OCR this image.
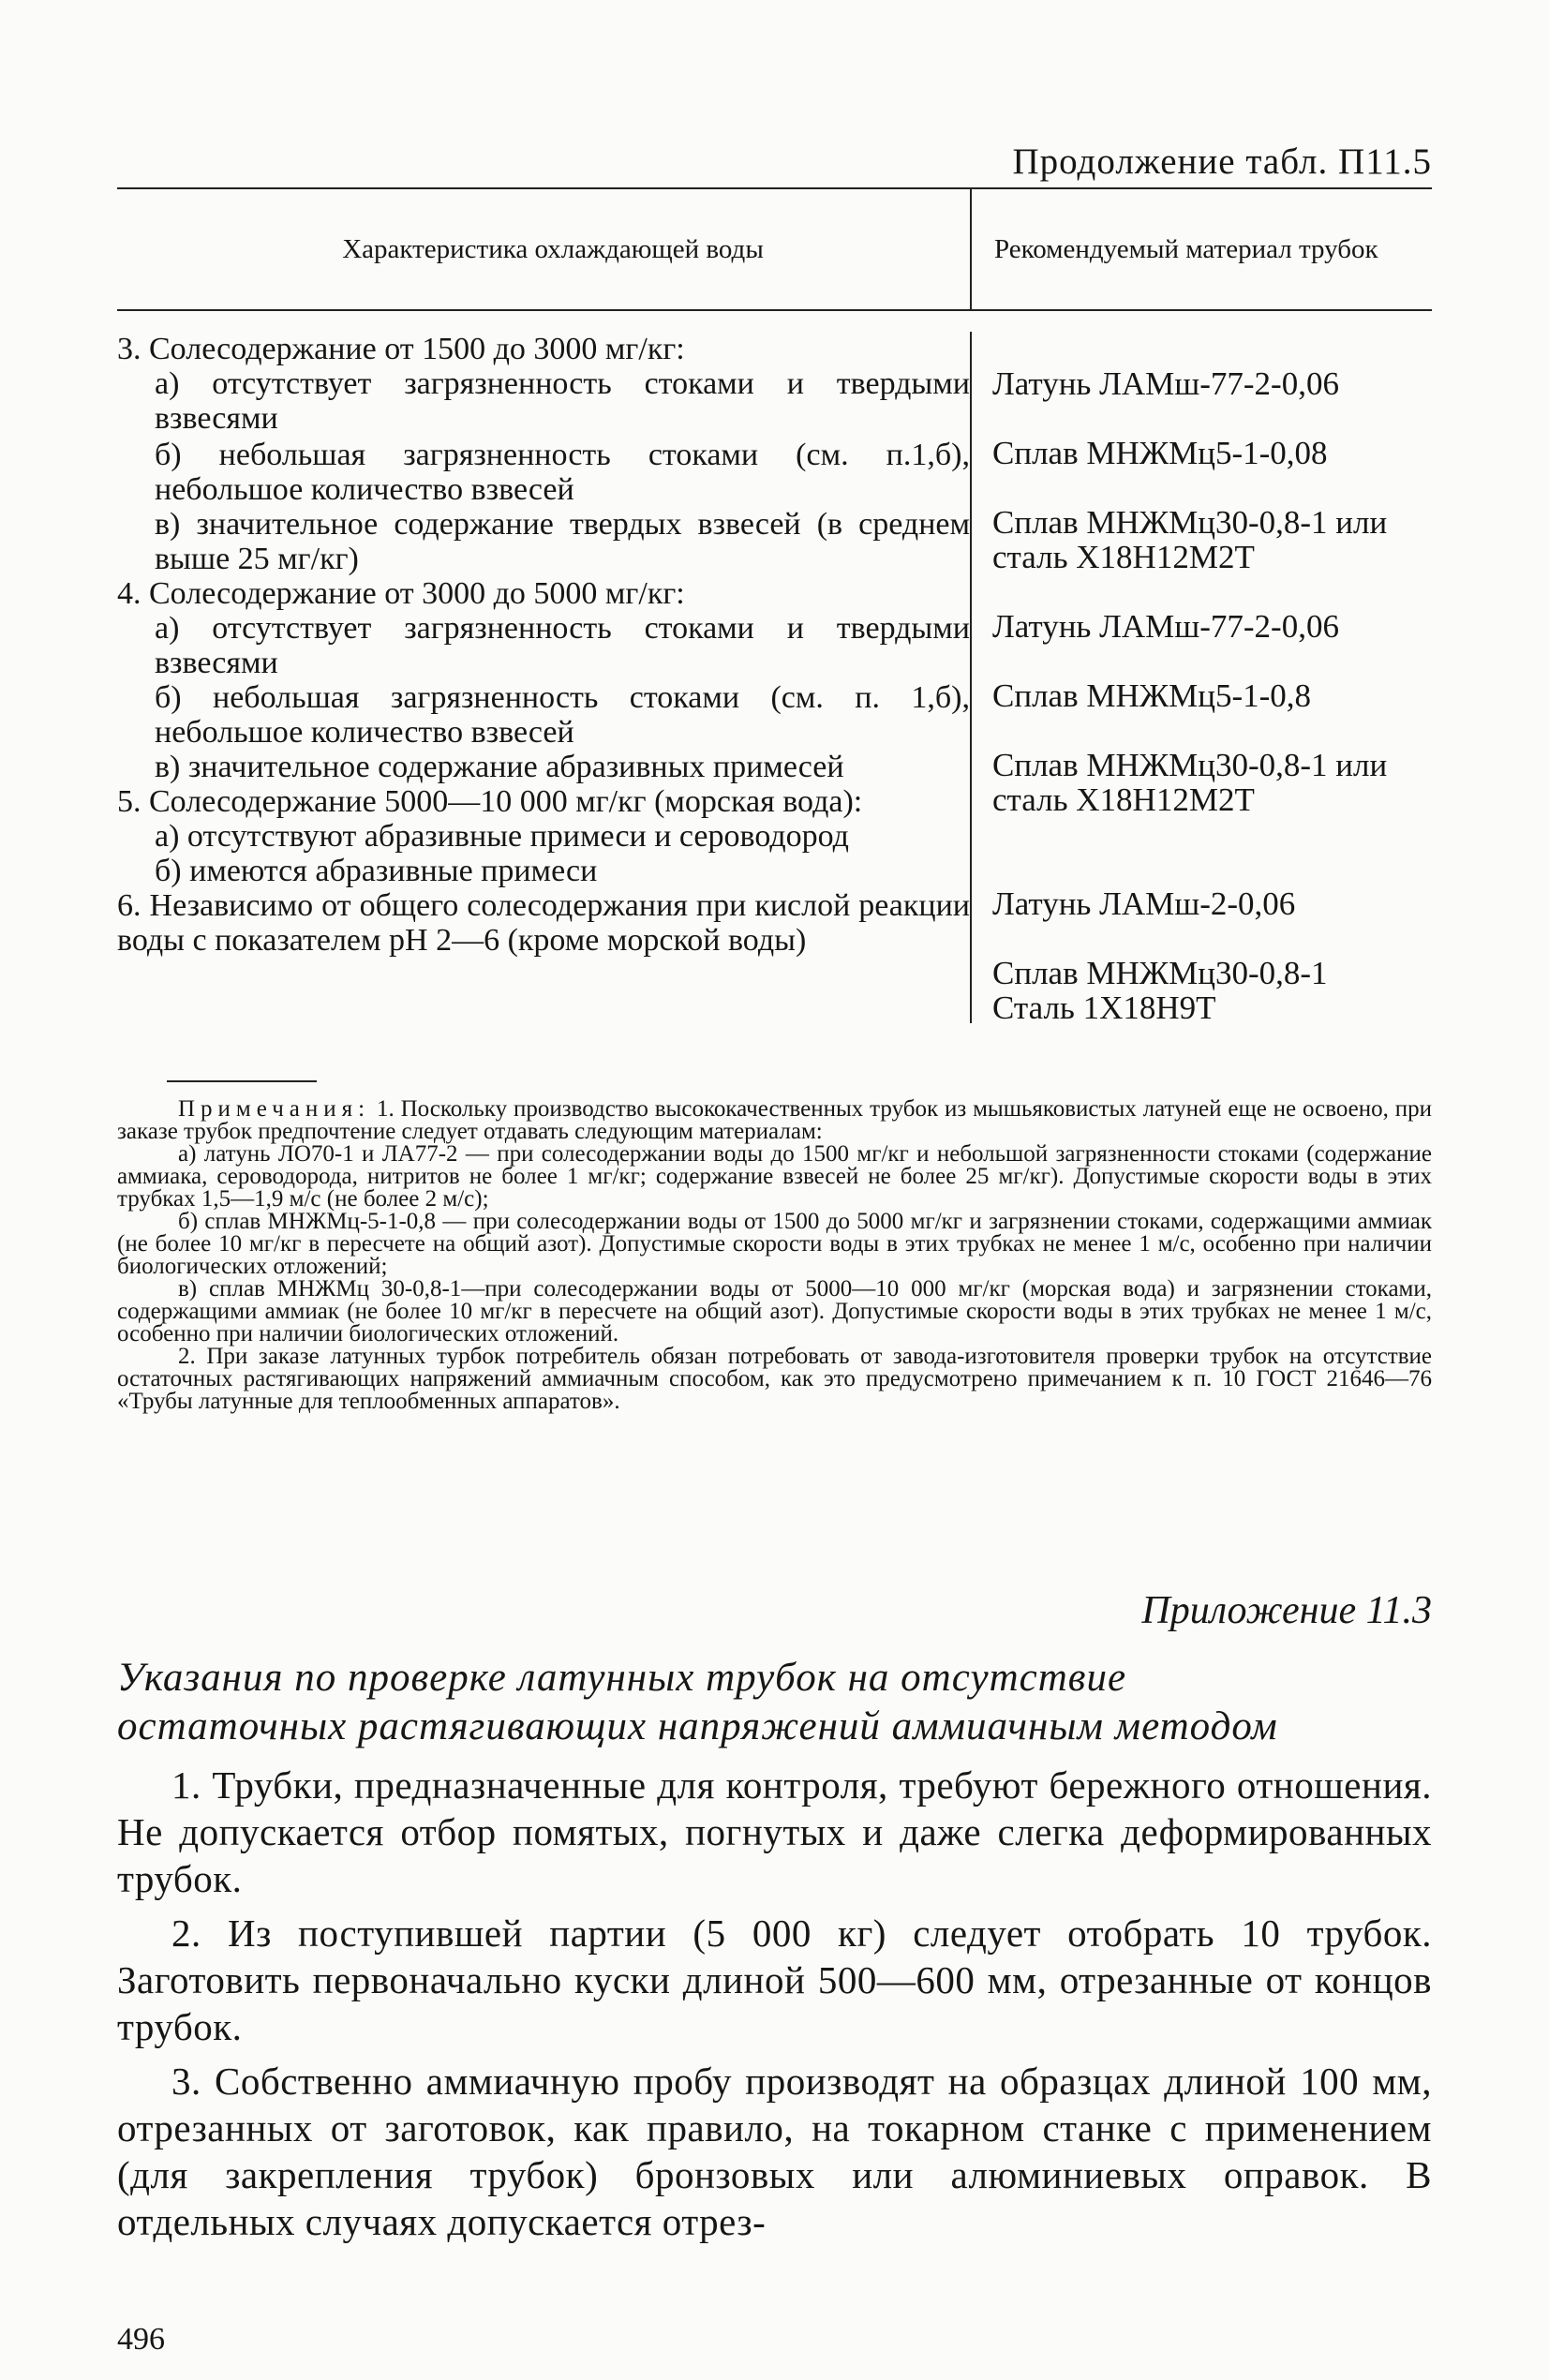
Продолжение табл. П11.5
Характеристика охлаждающей воды	Рекомендуемый материал трубок
3. Солесодержание от 1500 до 3000 мг/кг:
а) отсутствует загрязненность стоками и твердыми взвесями
б) небольшая загрязненность стоками (см. п.1,б), небольшое количество взвесей
в) значительное содержание твердых взвесей (в среднем выше 25 мг/кг)
4. Солесодержание от 3000 до 5000 мг/кг:
а) отсутствует загрязненность стоками и твердыми взвесями
б) небольшая загрязненность стоками (см. п. 1,б), небольшое количество взвесей
в) значительное содержание абразивных примесей
5. Солесодержание 5000—10 000 мг/кг (морская вода):
а) отсутствуют абразивные примеси и сероводород
б) имеются абразивные примеси
6. Независимо от общего солесодержания при кислой реакции воды с показателем рН 2—6 (кроме морской воды)
Латунь ЛАМш-77-2-0,06
Сплав МНЖМц5-1-0,08
Сплав МНЖМц30-0,8-1 или
сталь Х18Н12М2Т
Латунь ЛАМш-77-2-0,06
Сплав МНЖМц5-1-0,8
Сплав МНЖМц30-0,8-1 или
сталь Х18Н12М2Т
Латунь ЛАМш-2-0,06
Сплав МНЖМц30-0,8-1
Сталь 1Х18Н9Т

Примечания: 1. Поскольку производство высококачественных трубок из мышьяковистых латуней еще не освоено, при заказе трубок предпочтение следует отдавать следующим материалам:

а) латунь ЛО70-1 и ЛА77-2 — при солесодержании воды до 1500 мг/кг и небольшой загрязненности стоками (содержание аммиака, сероводорода, нитритов не более 1 мг/кг; содержание взвесей не более 25 мг/кг). Допустимые скорости воды в этих трубках 1,5—1,9 м/с (не более 2 м/с);

б) сплав МНЖМц-5-1-0,8 — при солесодержании воды от 1500 до 5000 мг/кг и загрязнении стоками, содержащими аммиак (не более 10 мг/кг в пересчете на общий азот). Допустимые скорости воды в этих трубках не менее 1 м/с, особенно при наличии биологических отложений;

в) сплав МНЖМц 30-0,8-1—при солесодержании воды от 5000—10 000 мг/кг (морская вода) и загрязнении стоками, содержащими аммиак (не более 10 мг/кг в пересчете на общий азот). Допустимые скорости воды в этих трубках не менее 1 м/с, особенно при наличии биологических отложений.

2. При заказе латунных турбок потребитель обязан потребовать от завода-изготовителя проверки трубок на отсутствие остаточных растягивающих напряжений аммиачным способом, как это предусмотрено примечанием к п. 10 ГОСТ 21646—76 «Трубы латунные для теплообменных аппаратов».

Приложение 11.3
Указания по проверке латунных трубок на отсутствие
остаточных растягивающих напряжений аммиачным методом

1. Трубки, предназначенные для контроля, требуют бережного отношения. Не допускается отбор помятых, погнутых и даже слегка деформированных трубок.

2. Из поступившей партии (5 000 кг) следует отобрать 10 трубок. Заготовить первоначально куски длиной 500—600 мм, отрезанные от концов трубок.

3. Собственно аммиачную пробу производят на образцах длиной 100 мм, отрезанных от заготовок, как правило, на токарном станке с применением (для закрепления трубок) бронзовых или алюминиевых оправок. В отдельных случаях допускается отрез-

496
